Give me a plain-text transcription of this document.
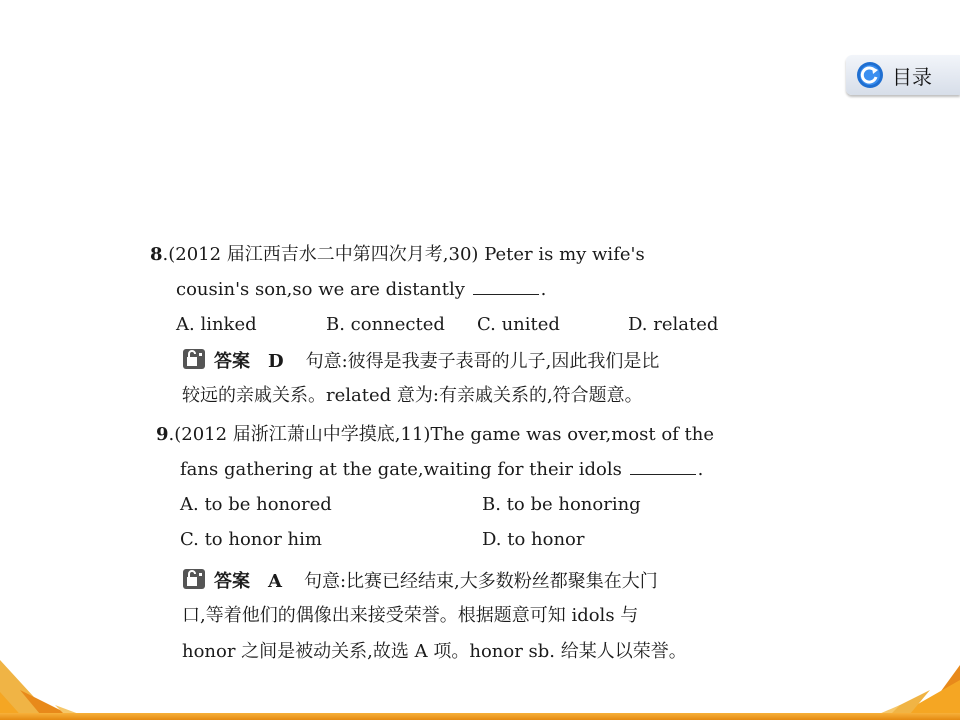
目录
8.(2012 届江西吉水二中第四次月考,30) Peter is my wife's
cousin's son,so we are distantly	.
A. linked	B. connected C. united	D. related
答案 D 句意:彼得是我妻子表哥的儿子,因此我们是比
较远的亲戚关系。related 意为:有亲戚关系的,符合题意。
9.(2012 届浙江萧山中学摸底,11)The game was over,most of the
fans gathering at the gate,waiting for their idols	.
A. to be honored	B. to be honoring
C. to honor him	D. to honor
答案 A 句意:比赛已经结束,大多数粉丝都聚集在大门
口,等着他们的偶像出来接受荣誉。根据题意可知 idols 与
honor 之间是被动关系,故选 A 项。honor sb. 给某人以荣誉。
